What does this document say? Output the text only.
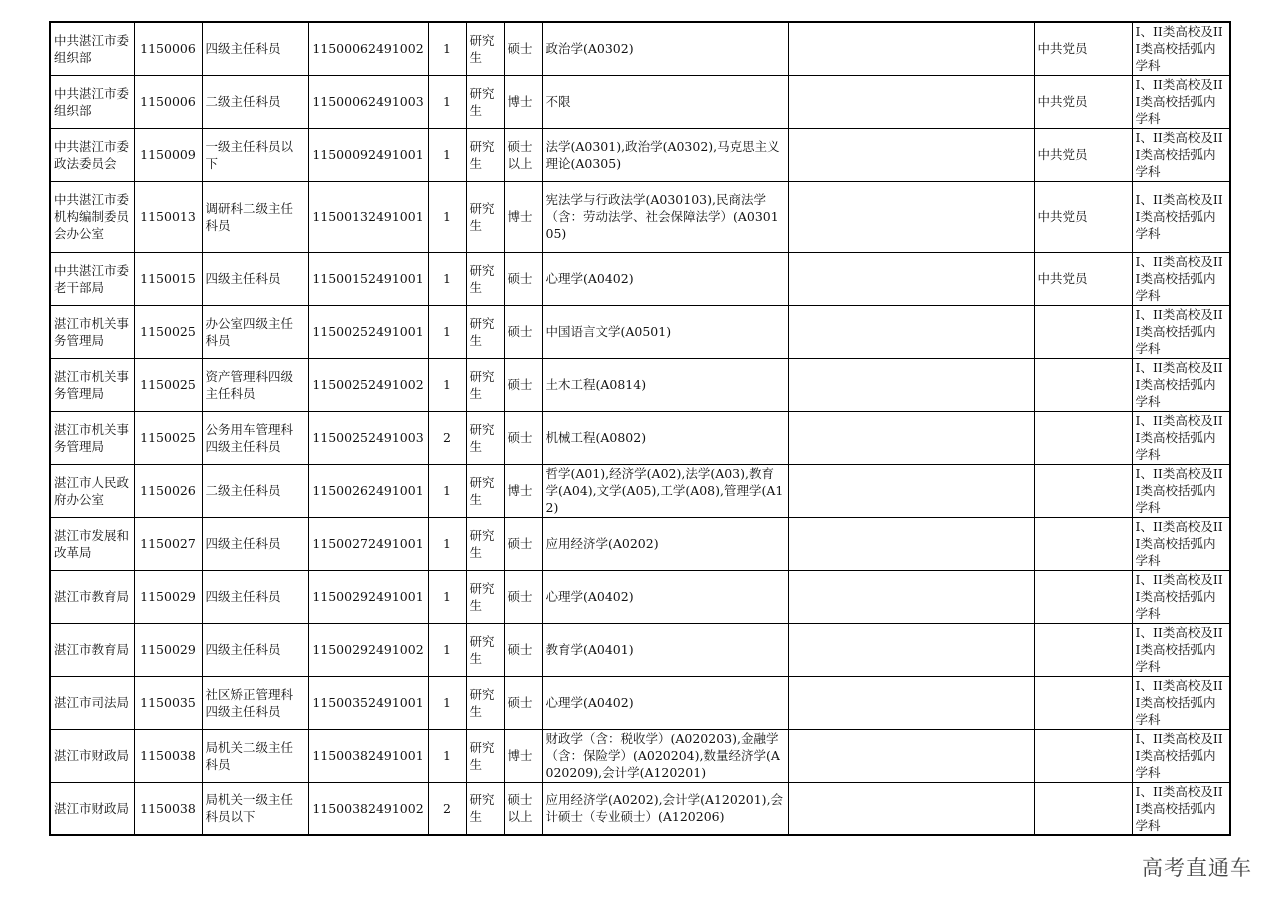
中共湛江市委组织部	1150006	四级主任科员	11500062491002	1	研究生	硕士	政治学(A0302)		中共党员	I、II类高校及III类高校括弧内学科
中共湛江市委组织部	1150006	二级主任科员	11500062491003	1	研究生	博士	不限		中共党员	I、II类高校及III类高校括弧内学科
中共湛江市委政法委员会	1150009	一级主任科员以下	11500092491001	1	研究生	硕士以上	法学(A0301),政治学(A0302),马克思主义理论(A0305)		中共党员	I、II类高校及III类高校括弧内学科
中共湛江市委机构编制委员会办公室	1150013	调研科二级主任科员	11500132491001	1	研究生	博士	宪法学与行政法学(A030103),民商法学（含：劳动法学、社会保障法学）(A030105)		中共党员	I、II类高校及III类高校括弧内学科
中共湛江市委老干部局	1150015	四级主任科员	11500152491001	1	研究生	硕士	心理学(A0402)		中共党员	I、II类高校及III类高校括弧内学科
湛江市机关事务管理局	1150025	办公室四级主任科员	11500252491001	1	研究生	硕士	中国语言文学(A0501)			I、II类高校及III类高校括弧内学科
湛江市机关事务管理局	1150025	资产管理科四级主任科员	11500252491002	1	研究生	硕士	土木工程(A0814)			I、II类高校及III类高校括弧内学科
湛江市机关事务管理局	1150025	公务用车管理科四级主任科员	11500252491003	2	研究生	硕士	机械工程(A0802)			I、II类高校及III类高校括弧内学科
湛江市人民政府办公室	1150026	二级主任科员	11500262491001	1	研究生	博士	哲学(A01),经济学(A02),法学(A03),教育学(A04),文学(A05),工学(A08),管理学(A12)			I、II类高校及III类高校括弧内学科
湛江市发展和改革局	1150027	四级主任科员	11500272491001	1	研究生	硕士	应用经济学(A0202)			I、II类高校及III类高校括弧内学科
湛江市教育局	1150029	四级主任科员	11500292491001	1	研究生	硕士	心理学(A0402)			I、II类高校及III类高校括弧内学科
湛江市教育局	1150029	四级主任科员	11500292491002	1	研究生	硕士	教育学(A0401)			I、II类高校及III类高校括弧内学科
湛江市司法局	1150035	社区矫正管理科四级主任科员	11500352491001	1	研究生	硕士	心理学(A0402)			I、II类高校及III类高校括弧内学科
湛江市财政局	1150038	局机关二级主任科员	11500382491001	1	研究生	博士	财政学（含：税收学）(A020203),金融学（含：保险学）(A020204),数量经济学(A020209),会计学(A120201)			I、II类高校及III类高校括弧内学科
湛江市财政局	1150038	局机关一级主任科员以下	11500382491002	2	研究生	硕士以上	应用经济学(A0202),会计学(A120201),会计硕士（专业硕士）(A120206)			I、II类高校及III类高校括弧内学科
高考直通车
